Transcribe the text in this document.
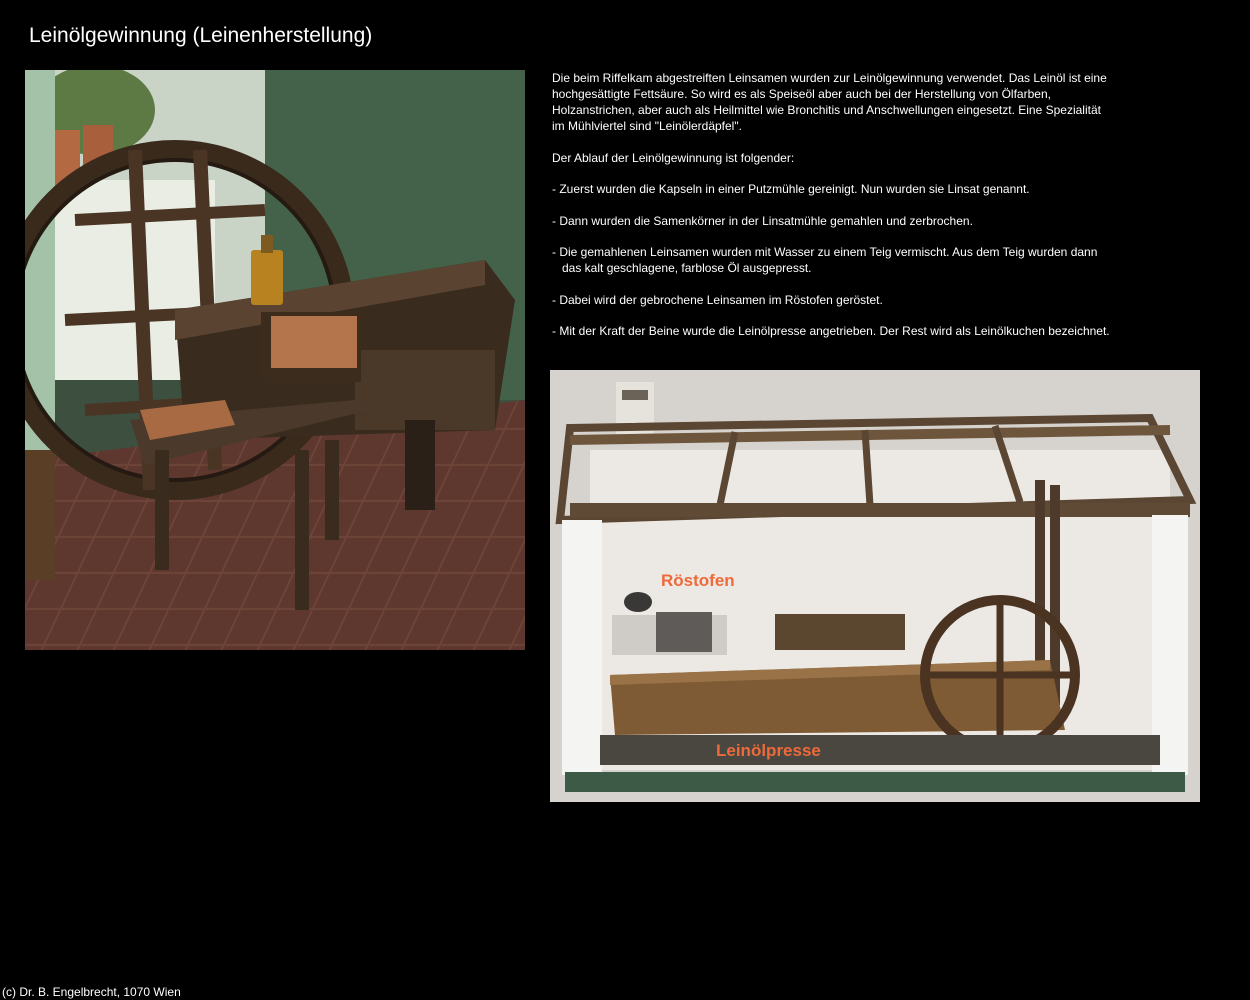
Leinölgewinnung (Leinenherstellung)

Die beim Riffelkam abgestreiften Leinsamen wurden zur Leinölgewinnung verwendet. Das Leinöl ist eine hochgesättigte Fettsäure. So wird es als Speiseöl aber auch bei der Herstellung von Ölfarben, Holzanstrichen, aber auch als Heilmittel wie Bronchitis und Anschwellungen eingesetzt. Eine Spezialität im Mühlviertel sind "Leinölerdäpfel".

Der Ablauf der Leinölgewinnung ist folgender:

- Zuerst wurden die Kapseln in einer Putzmühle gereinigt. Nun wurden sie Linsat genannt.

- Dann wurden die Samenkörner in der Linsatmühle gemahlen und zerbrochen.

- Die gemahlenen Leinsamen wurden mit Wasser zu einem Teig vermischt. Aus dem Teig wurden dann das kalt geschlagene, farblose Öl ausgepresst.

- Dabei wird der gebrochene Leinsamen im Röstofen geröstet.

- Mit der Kraft der Beine wurde die Leinölpresse angetrieben. Der Rest wird als Leinölkuchen bezeichnet.

Röstofen
Leinölpresse
(c) Dr. B. Engelbrecht, 1070 Wien
